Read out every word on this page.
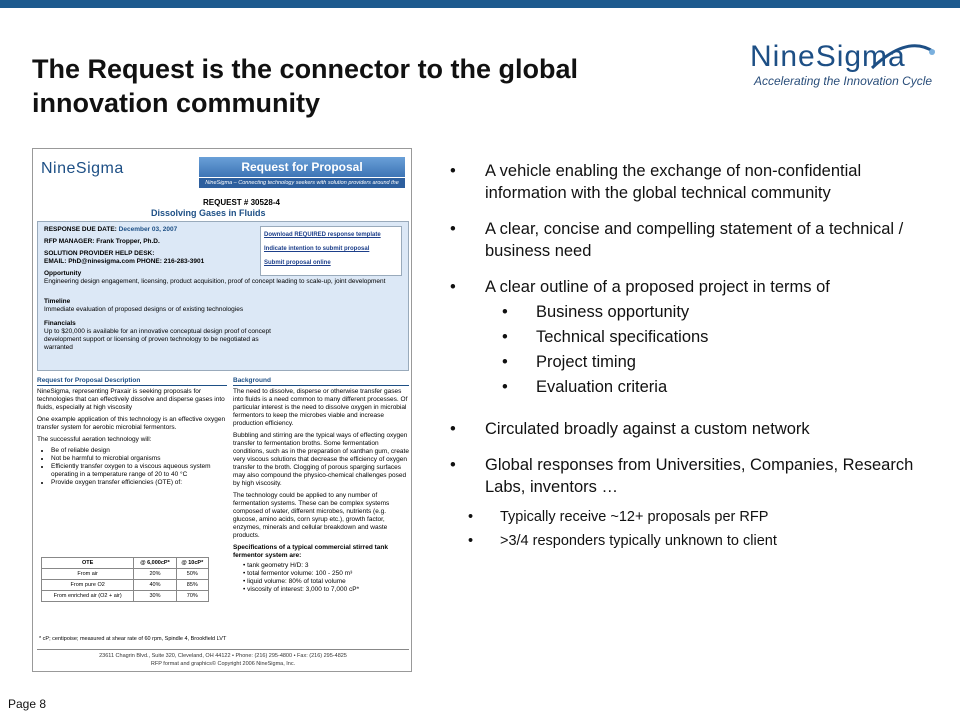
The Request is the connector to the global innovation community
NineSigma
Accelerating the Innovation Cycle
NineSigma	Request for Proposal
NineSigma – Connecting technology seekers with solution providers around the globe
REQUEST # 30528-4
Dissolving Gases in Fluids

RESPONSE DUE DATE: December 03, 2007

RFP MANAGER: Frank Tropper, Ph.D.

SOLUTION PROVIDER HELP DESK:

EMAIL: PhD@ninesigma.com PHONE: 216-283-3901

Opportunity

Engineering design engagement, licensing, product acquisition, proof of concept leading to scale-up, joint development

Timeline

Immediate evaluation of proposed designs or of existing technologies

Financials

Up to $20,000 is available for an innovative conceptual design proof of concept development support or licensing of proven technology to be negotiated as warranted

Download REQUIRED response template
Indicate intention to submit proposal
Submit proposal online
Request for Proposal Description

NineSigma, representing Praxair is seeking proposals for technologies that can effectively dissolve and disperse gases into fluids, especially at high viscosity

One example application of this technology is an effective oxygen transfer system for aerobic microbial fermentors.

The successful aeration technology will:

• Be of reliable design
• Not be harmful to microbial organisms
• Efficiently transfer oxygen to a viscous aqueous system operating in a temperature range of 20 to 40 °C
• Provide oxygen transfer efficiencies (OTE) of:
OTE	@ 6,000cP*	@ 10cP*
From air	20%	50%
From pure O2	40%	85%
From enriched air (O2 + air)	30%	70%
* cP; centipoise; measured at shear rate of 60 rpm, Spindle 4, Brookfield LVT
Background

The need to dissolve, disperse or otherwise transfer gases into fluids is a need common to many different processes. Of particular interest is the need to dissolve oxygen in microbial fermentors to keep the microbes viable and increase production efficiency.

Bubbling and stirring are the typical ways of effecting oxygen transfer to fermentation broths. Some fermentation conditions, such as in the preparation of xanthan gum, create very viscous solutions that decrease the efficiency of oxygen transfer to the broth. Clogging of porous sparging surfaces may also compound the physico-chemical challenges posed by high viscosity.

The technology could be applied to any number of fermentation systems. These can be complex systems composed of water, different microbes, nutrients (e.g. glucose, amino acids, corn syrup etc.), growth factor, enzymes, minerals and cellular breakdown and waste products.

Specifications of a typical commercial stirred tank fermentor system are:

• tank geometry H/D: 3
• total fermentor volume: 100 - 250 m³
• liquid volume: 80% of total volume
• viscosity of interest: 3,000 to 7,000 cP*
23611 Chagrin Blvd., Suite 320, Cleveland, OH 44122 • Phone: (216) 295-4800 • Fax: (216) 295-4825
RFP format and graphics© Copyright 2006 NineSigma, Inc.
• A vehicle enabling the exchange of non-confidential information with the global technical community
• A clear, concise and compelling statement of a technical / business need
• A clear outline of a proposed project in terms of
• Business opportunity
• Technical specifications
• Project timing
• Evaluation criteria
• Circulated broadly against a custom network
• Global responses from Universities, Companies, Research Labs, inventors …
• Typically receive ~12+ proposals per RFP
• >3/4 responders typically unknown to client
Page 8
